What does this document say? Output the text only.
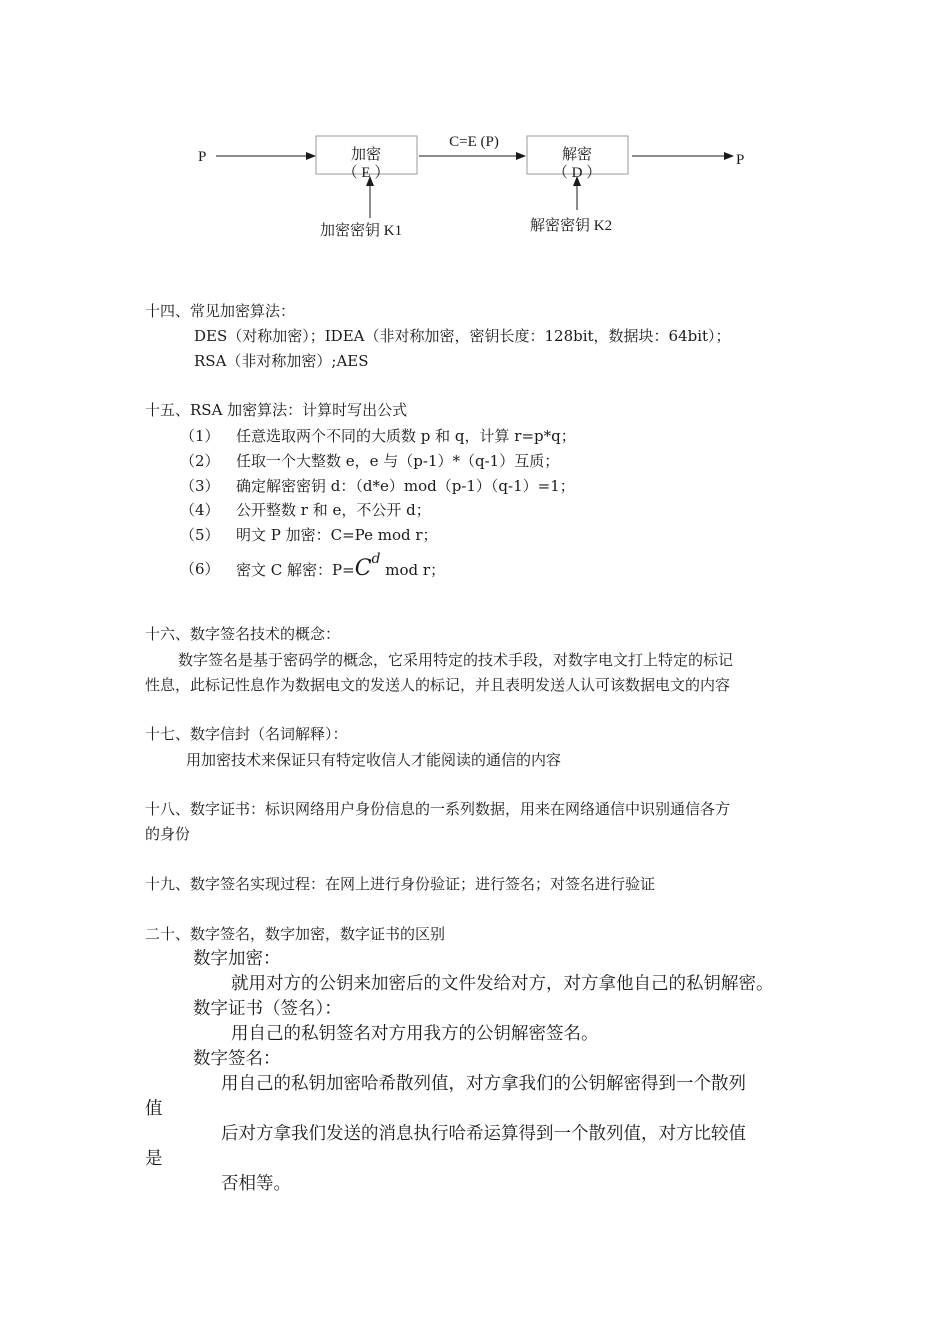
P	加密
（ E ）
C=E (P)
解密
（ D ）
P
加密密钥 K1	解密密钥 K2
十四、常见加密算法：
DES（对称加密）；IDEA（非对称加密，密钥长度：128bit，数据块：64bit）；
RSA（非对称加密）;AES
十五、RSA 加密算法：计算时写出公式
（1） 任意选取两个不同的大质数 p 和 q，计算 r=p*q；
（2） 任取一个大整数 e，e 与（p-1）*（q-1）互质；
（3） 确定解密密钥 d：（d*e）mod（p-1）（q-1）=1；
（4） 公开整数 r 和 e，不公开 d；
（5） 明文 P 加密：C=Pe mod r；
（6） 密文 C 解密：P=Cd mod r；
十六、数字签名技术的概念：
数字签名是基于密码学的概念，它采用特定的技术手段，对数字电文打上特定的标记
性息，此标记性息作为数据电文的发送人的标记，并且表明发送人认可该数据电文的内容
十七、数字信封（名词解释）：
用加密技术来保证只有特定收信人才能阅读的通信的内容
十八、数字证书：标识网络用户身份信息的一系列数据，用来在网络通信中识别通信各方
的身份
十九、数字签名实现过程：在网上进行身份验证；进行签名；对签名进行验证
二十、数字签名，数字加密，数字证书的区别
数字加密：
就用对方的公钥来加密后的文件发给对方，对方拿他自己的私钥解密。
数字证书（签名）：
用自己的私钥签名对方用我方的公钥解密签名。
数字签名：
用自己的私钥加密哈希散列值，对方拿我们的公钥解密得到一个散列
值
后对方拿我们发送的消息执行哈希运算得到一个散列值，对方比较值
是
否相等。
